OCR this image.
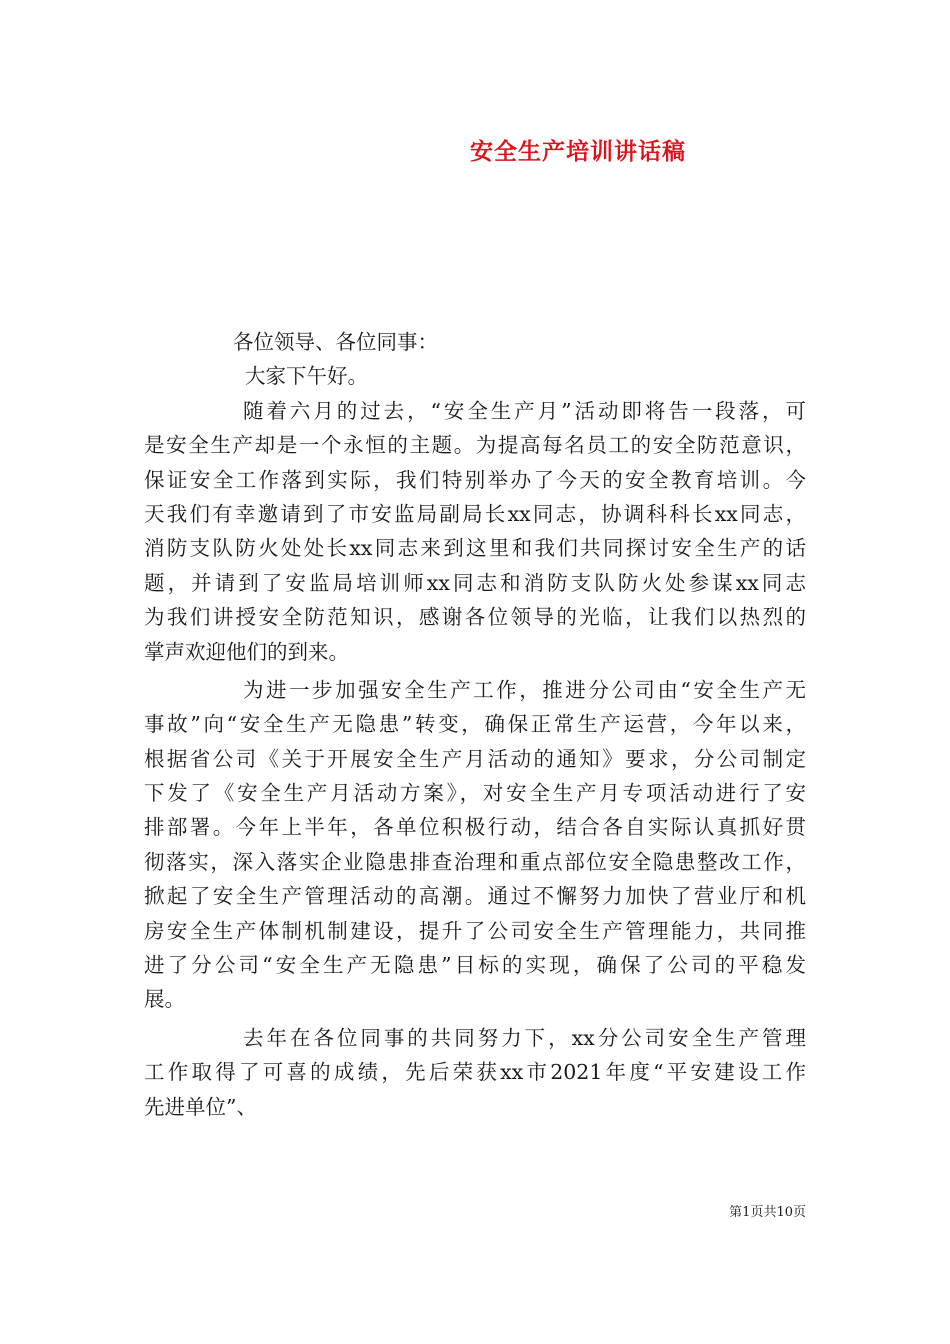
安全生产培训讲话稿
各位领导、各位同事：
大家下午好。
随着六月的过去，“安全生产月”活动即将告一段落，可
是安全生产却是一个永恒的主题。为提高每名员工的安全防范意识，
保证安全工作落到实际，我们特别举办了今天的安全教育培训。今
天我们有幸邀请到了市安监局副局长xx同志，协调科科长xx同志，
消防支队防火处处长xx同志来到这里和我们共同探讨安全生产的话
题，并请到了安监局培训师xx同志和消防支队防火处参谋xx同志
为我们讲授安全防范知识，感谢各位领导的光临，让我们以热烈的
掌声欢迎他们的到来。
为进一步加强安全生产工作，推进分公司由“安全生产无
事故”向“安全生产无隐患”转变，确保正常生产运营，今年以来，
根据省公司《关于开展安全生产月活动的通知》要求，分公司制定
下发了《安全生产月活动方案》，对安全生产月专项活动进行了安
排部署。今年上半年，各单位积极行动，结合各自实际认真抓好贯
彻落实，深入落实企业隐患排查治理和重点部位安全隐患整改工作，
掀起了安全生产管理活动的高潮。通过不懈努力加快了营业厅和机
房安全生产体制机制建设，提升了公司安全生产管理能力，共同推
进了分公司“安全生产无隐患”目标的实现，确保了公司的平稳发
展。
去年在各位同事的共同努力下，xx分公司安全生产管理
工作取得了可喜的成绩，先后荣获xx市2021年度“平安建设工作
先进单位”、
第1页共10页
